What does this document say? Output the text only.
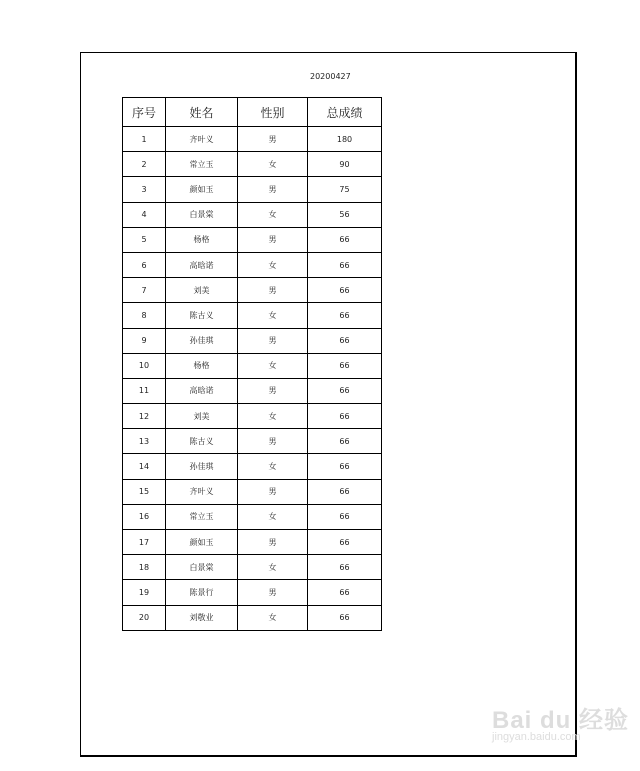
20200427
序号	姓名	性别	总成绩
1	齐叶义	男	180
2	常立玉	女	90
3	颜如玉	男	75
4	白景棠	女	56
5	杨格	男	66
6	高晗诺	女	66
7	刘美	男	66
8	陈古义	女	66
9	孙佳琪	男	66
10	杨格	女	66
11	高晗诺	男	66
12	刘美	女	66
13	陈古义	男	66
14	孙佳琪	女	66
15	齐叶义	男	66
16	常立玉	女	66
17	颜如玉	男	66
18	白景棠	女	66
19	陈景行	男	66
20	刘敬业	女	66
Bai du 经验
jingyan.baidu.com
